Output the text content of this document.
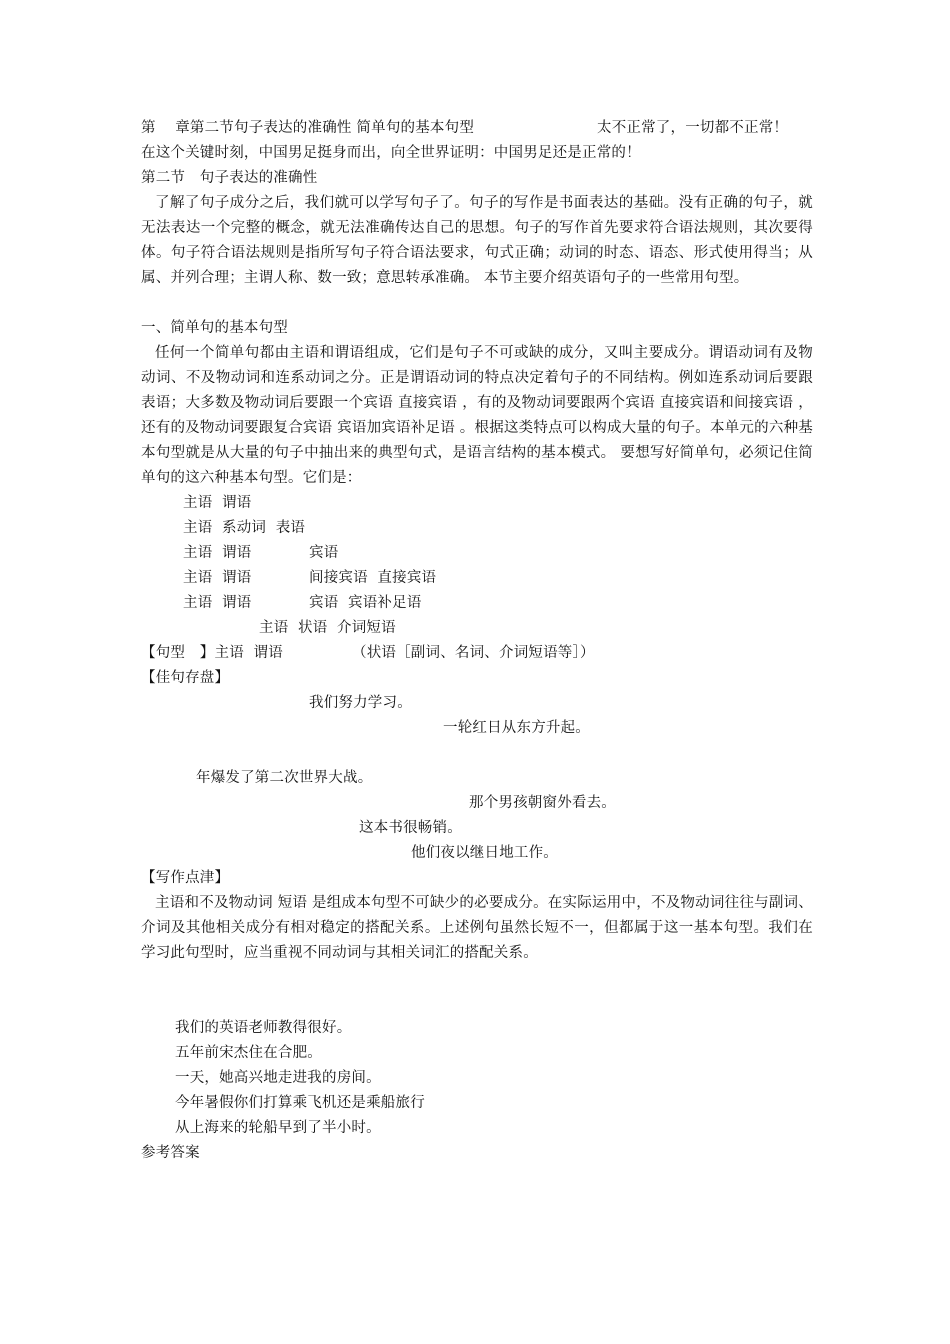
第　 章第二节句子表达的准确性 简单句的基本句型	太不正常了，一切都不正常！
在这个关键时刻，中国男足挺身而出，向全世界证明：中国男足还是正常的！
第二节　句子表达的准确性
了解了句子成分之后，我们就可以学写句子了。句子的写作是书面表达的基础。没有正确的句子，就无法表达一个完整的概念，就无法准确传达自己的思想。句子的写作首先要求符合语法规则，其次要得体。句子符合语法规则是指所写句子符合语法要求，句式正确；动词的时态、语态、形式使用得当；从属、并列合理；主谓人称、数一致；意思转承准确。 本节主要介绍英语句子的一些常用句型。
一、简单句的基本句型
任何一个简单句都由主语和谓语组成，它们是句子不可或缺的成分，又叫主要成分。谓语动词有及物动词、不及物动词和连系动词之分。正是谓语动词的特点决定着句子的不同结构。例如连系动词后要跟表语；大多数及物动词后要跟一个宾语 直接宾语 ，有的及物动词要跟两个宾语 直接宾语和间接宾语 ，还有的及物动词要跟复合宾语 宾语加宾语补足语 。根据这类特点可以构成大量的句子。本单元的六种基本句型就是从大量的句子中抽出来的典型句式，是语言结构的基本模式。 要想写好简单句，必须记住简单句的这六种基本句型。它们是：
主语  谓语
主语  系动词  表语
主语  谓语	宾语
主语  谓语	间接宾语  直接宾语
主语  谓语	宾语  宾语补足语
主语  状语  介词短语
【句型　】主语  谓语	（状语［副词、名词、介词短语等］）
【佳句存盘】
我们努力学习。
一轮红日从东方升起。
年爆发了第二次世界大战。
那个男孩朝窗外看去。
这本书很畅销。
他们夜以继日地工作。
【写作点津】
主语和不及物动词 短语 是组成本句型不可缺少的必要成分。在实际运用中，不及物动词往往与副词、介词及其他相关成分有相对稳定的搭配关系。上述例句虽然长短不一，但都属于这一基本句型。我们在学习此句型时，应当重视不同动词与其相关词汇的搭配关系。
我们的英语老师教得很好。
五年前宋杰住在合肥。
一天，她高兴地走进我的房间。
今年暑假你们打算乘飞机还是乘船旅行
从上海来的轮船早到了半小时。
参考答案
